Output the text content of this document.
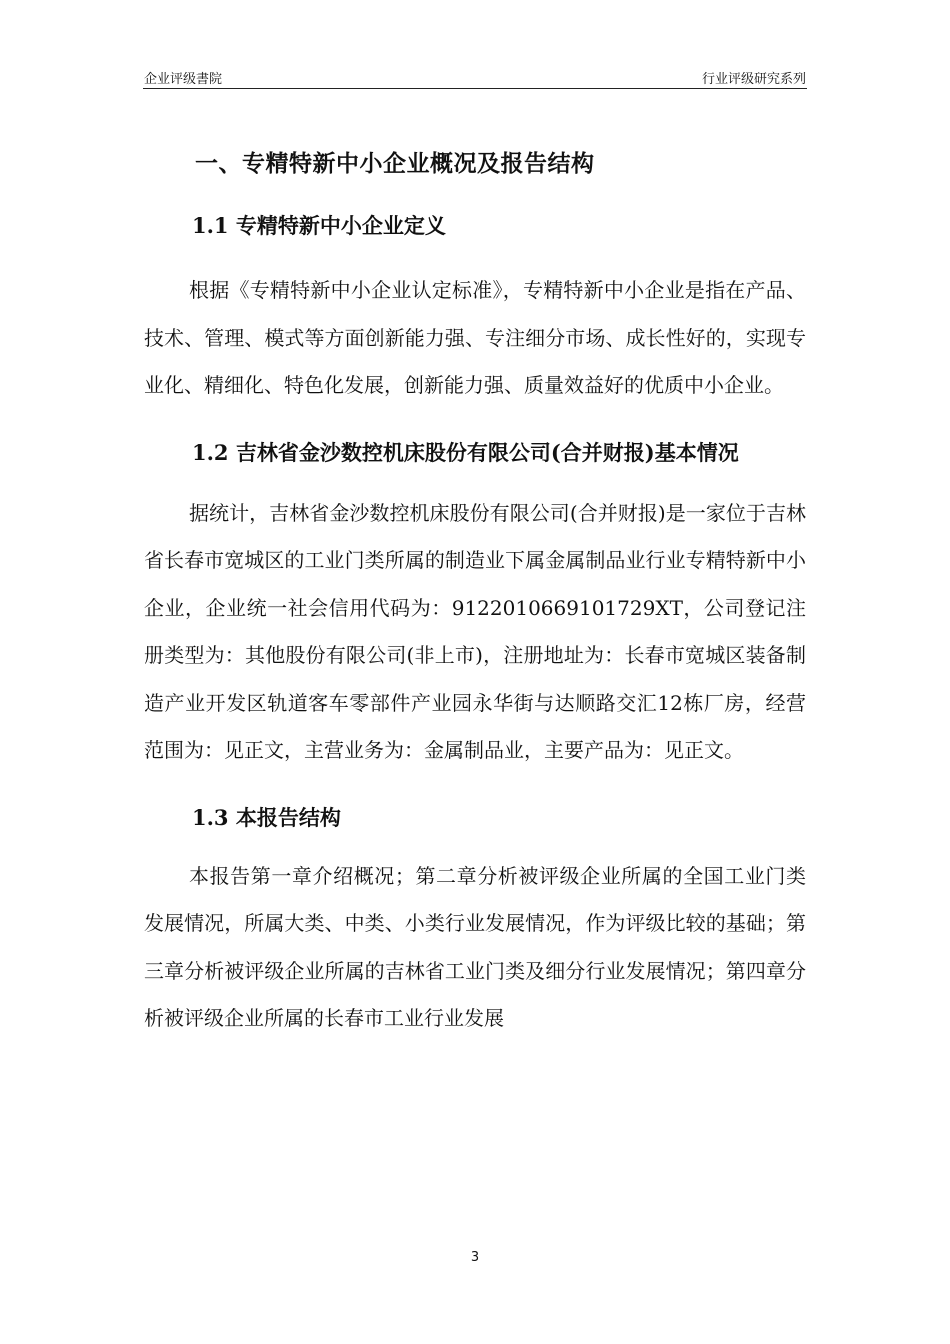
企业评级書院	行业评级研究系列
一、专精特新中小企业概况及报告结构
1.1 专精特新中小企业定义

根据《专精特新中小企业认定标准》，专精特新中小企业是指在产品、技术、管理、模式等方面创新能力强、专注细分市场、成长性好的，实现专业化、精细化、特色化发展，创新能力强、质量效益好的优质中小企业。

1.2 吉林省金沙数控机床股份有限公司(合并财报)基本情况

据统计，吉林省金沙数控机床股份有限公司(合并财报)是一家位于吉林省长春市宽城区的工业门类所属的制造业下属金属制品业行业专精特新中小企业，企业统一社会信用代码为：9122010669101729XT，公司登记注册类型为：其他股份有限公司(非上市)，注册地址为：长春市宽城区装备制造产业开发区轨道客车零部件产业园永华街与达顺路交汇12栋厂房，经营范围为：见正文，主营业务为：金属制品业，主要产品为：见正文。

1.3 本报告结构

本报告第一章介绍概况；第二章分析被评级企业所属的全国工业门类发展情况，所属大类、中类、小类行业发展情况，作为评级比较的基础；第三章分析被评级企业所属的吉林省工业门类及细分行业发展情况；第四章分析被评级企业所属的长春市工业行业发展

3
